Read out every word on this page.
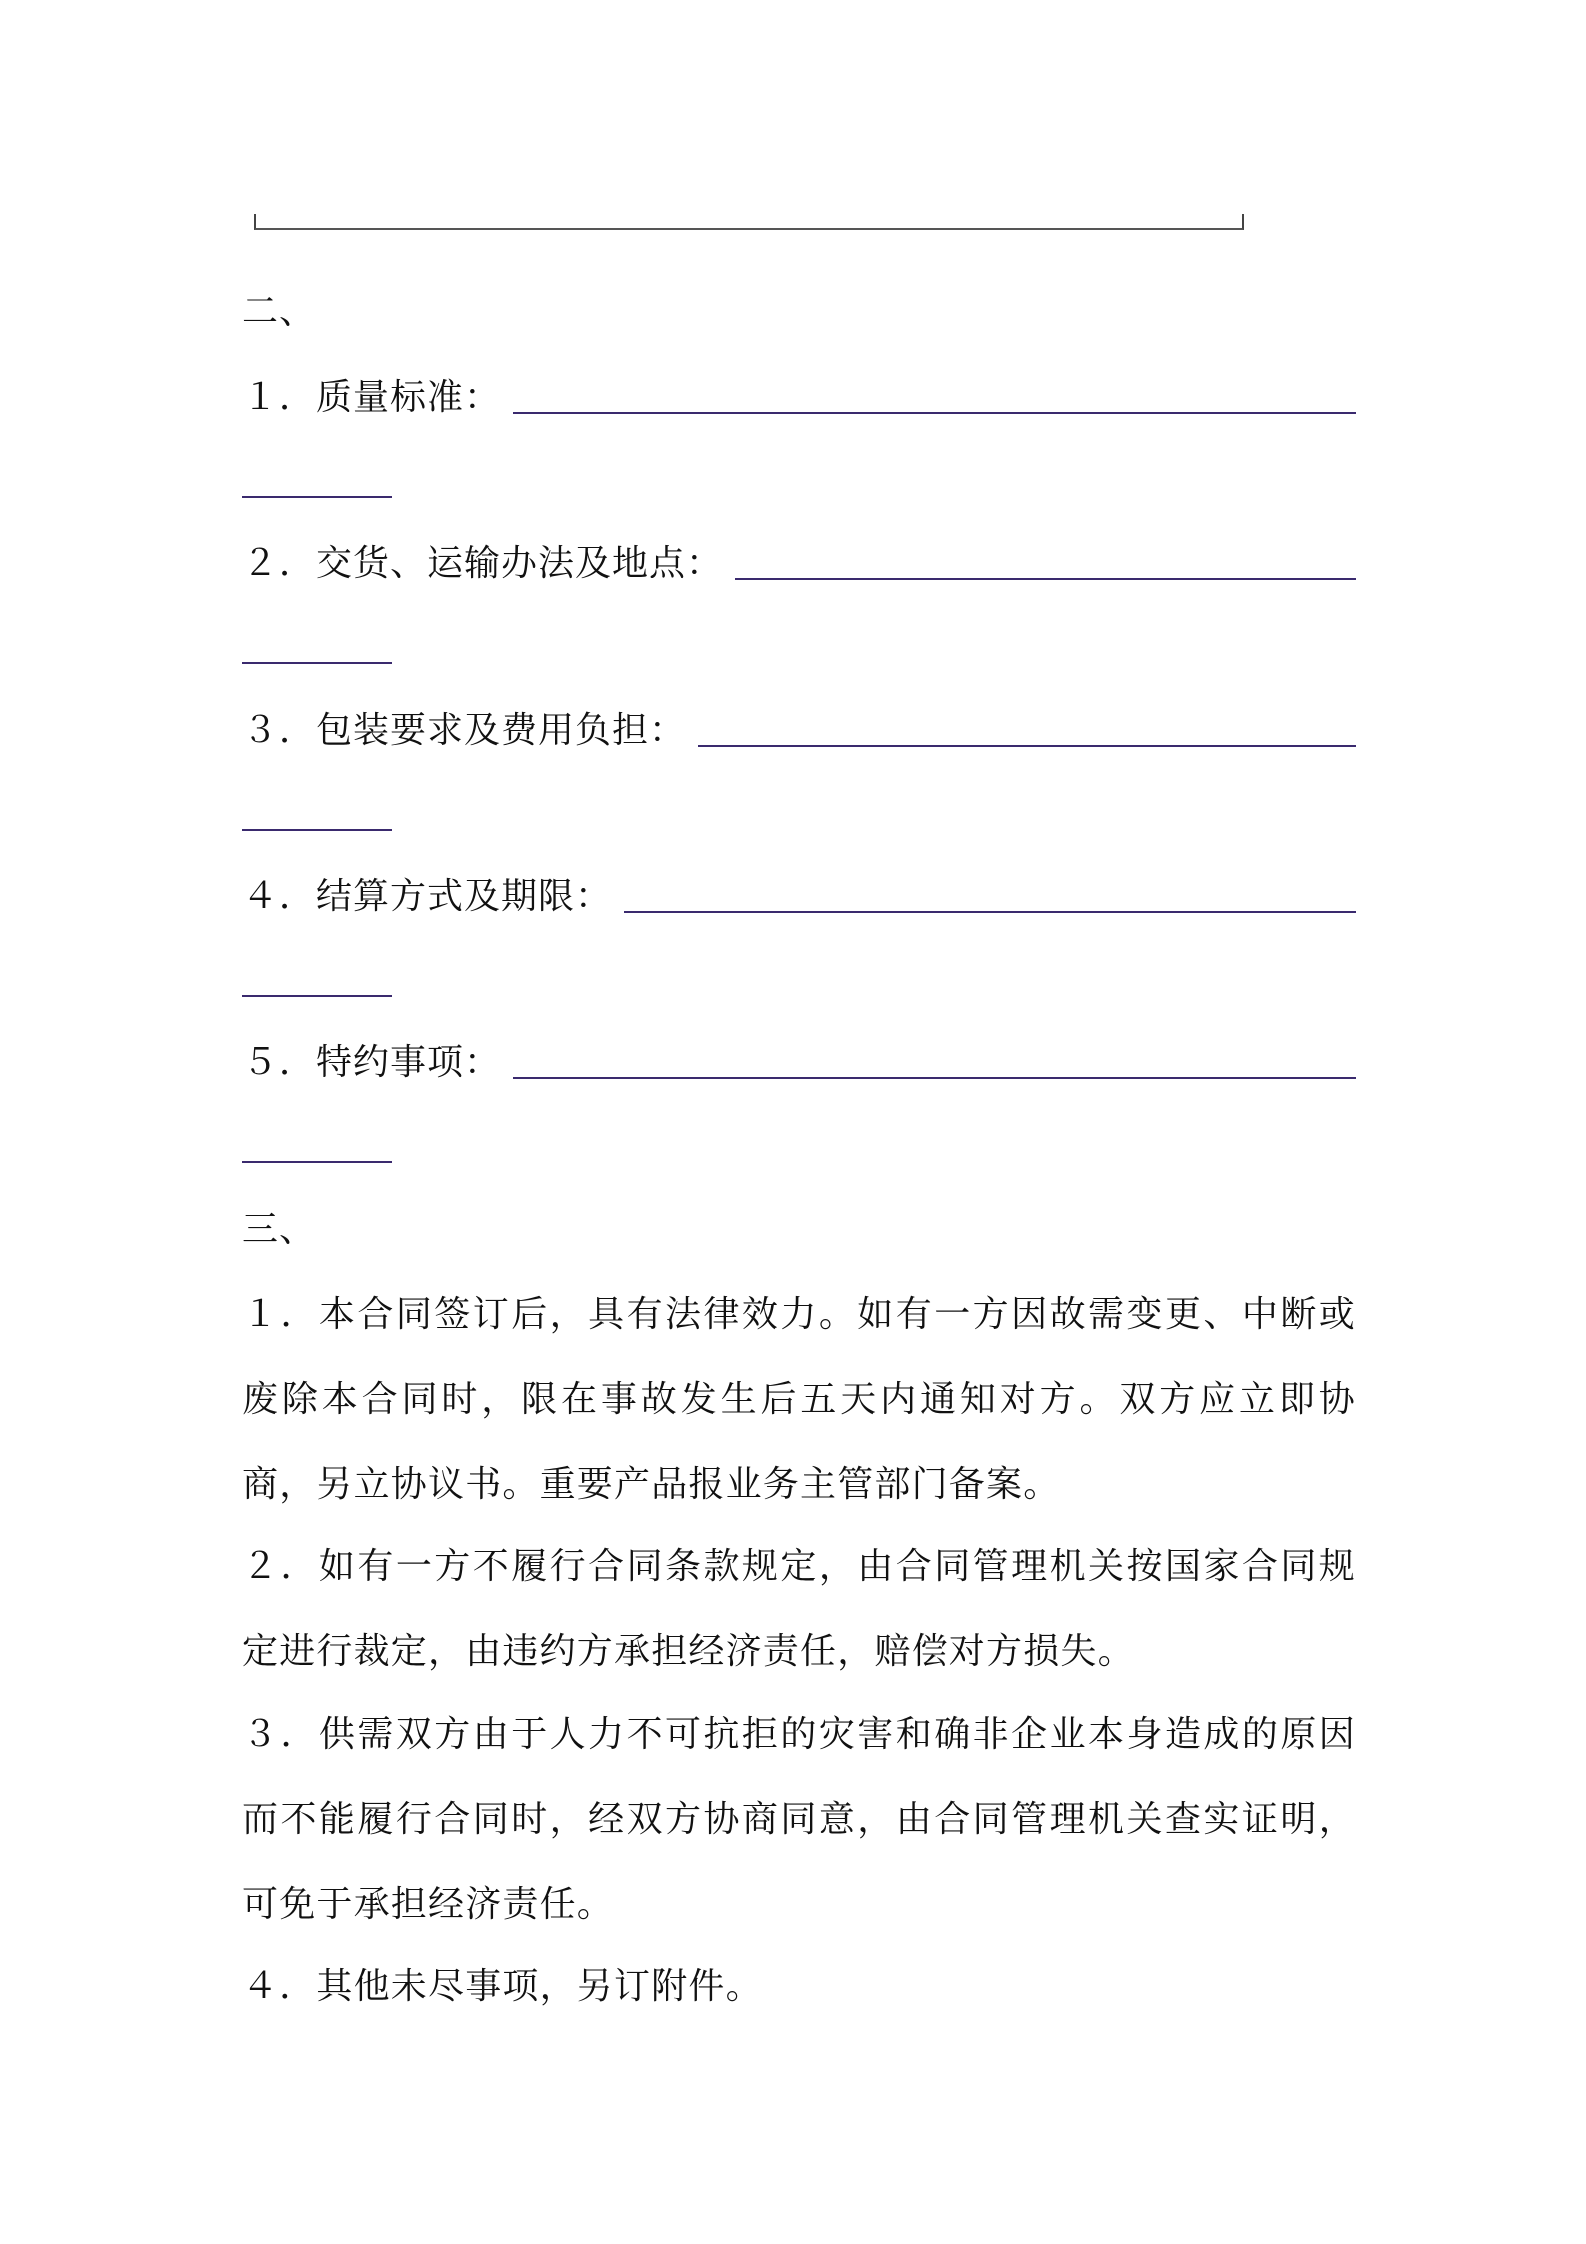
二、
１．质量标准：
２．交货、运输办法及地点：
３．包装要求及费用负担：
４．结算方式及期限：
５．特约事项：
三、
１．本合同签订后，具有法律效力。如有一方因故需变更、中断或废除本合同时，限在事故发生后五天内通知对方。双方应立即协商，另立协议书。重要产品报业务主管部门备案。
２．如有一方不履行合同条款规定，由合同管理机关按国家合同规定进行裁定，由违约方承担经济责任，赔偿对方损失。
３．供需双方由于人力不可抗拒的灾害和确非企业本身造成的原因而不能履行合同时，经双方协商同意，由合同管理机关查实证明，可免于承担经济责任。
４．其他未尽事项，另订附件。
